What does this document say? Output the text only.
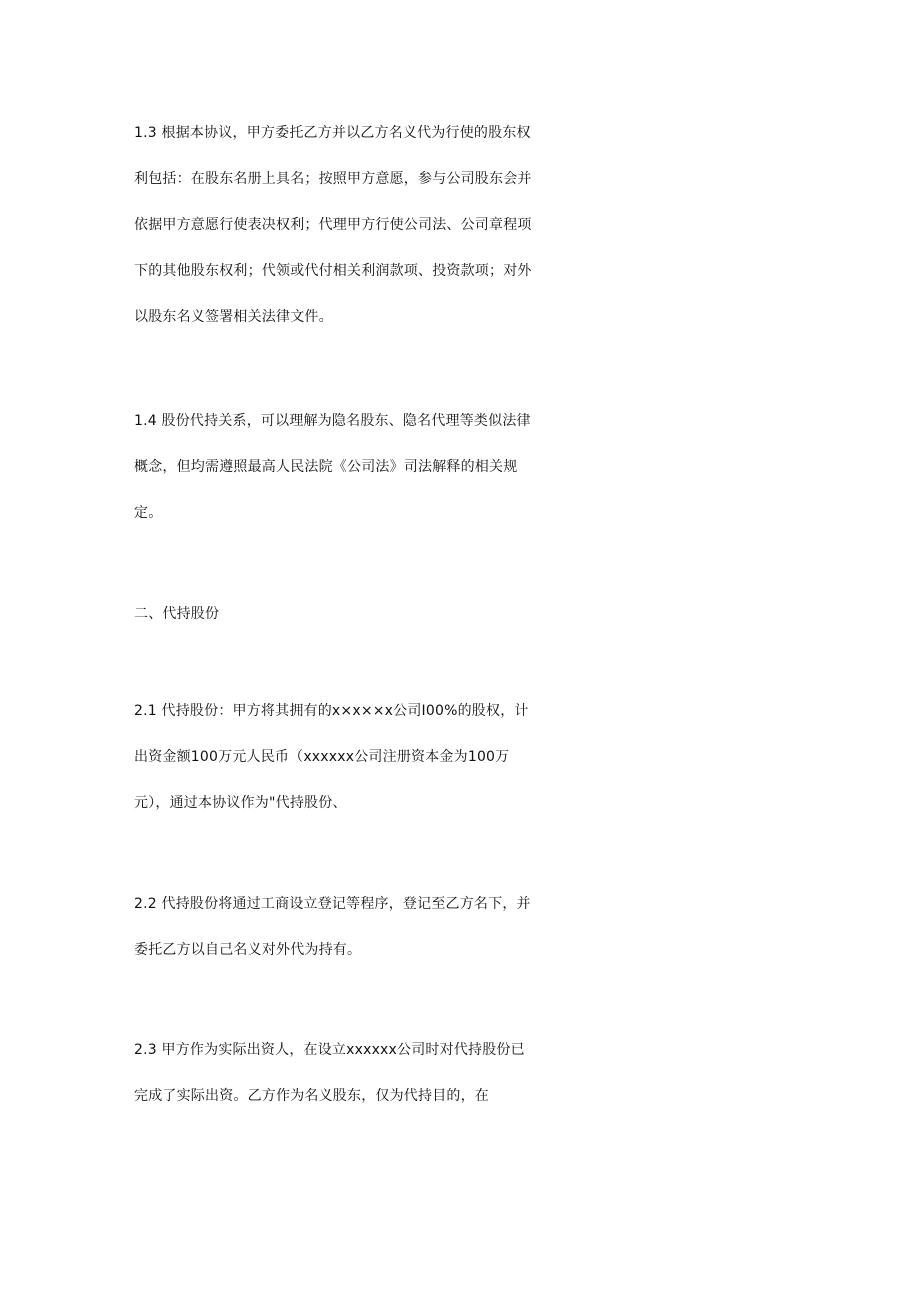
1.3 根据本协议，甲方委托乙方并以乙方名义代为行使的股东权
利包括：在股东名册上具名；按照甲方意愿，参与公司股东会并
依据甲方意愿行使表决权利；代理甲方行使公司法、公司章程项
下的其他股东权利；代领或代付相关利润款项、投资款项；对外
以股东名义签署相关法律文件。
1.4 股份代持关系，可以理解为隐名股东、隐名代理等类似法律
概念，但均需遵照最高人民法院《公司法》司法解释的相关规
定。
二、代持股份
2.1 代持股份：甲方将其拥有的x×x××x公司I00%的股权，计
出资金额100万元人民币（xxxxxx公司注册资本金为100万
元），通过本协议作为"代持股份、
2.2 代持股份将通过工商设立登记等程序，登记至乙方名下，并
委托乙方以自己名义对外代为持有。
2.3 甲方作为实际出资人，在设立xxxxxx公司时对代持股份已
完成了实际出资。乙方作为名义股东，仅为代持目的，在
